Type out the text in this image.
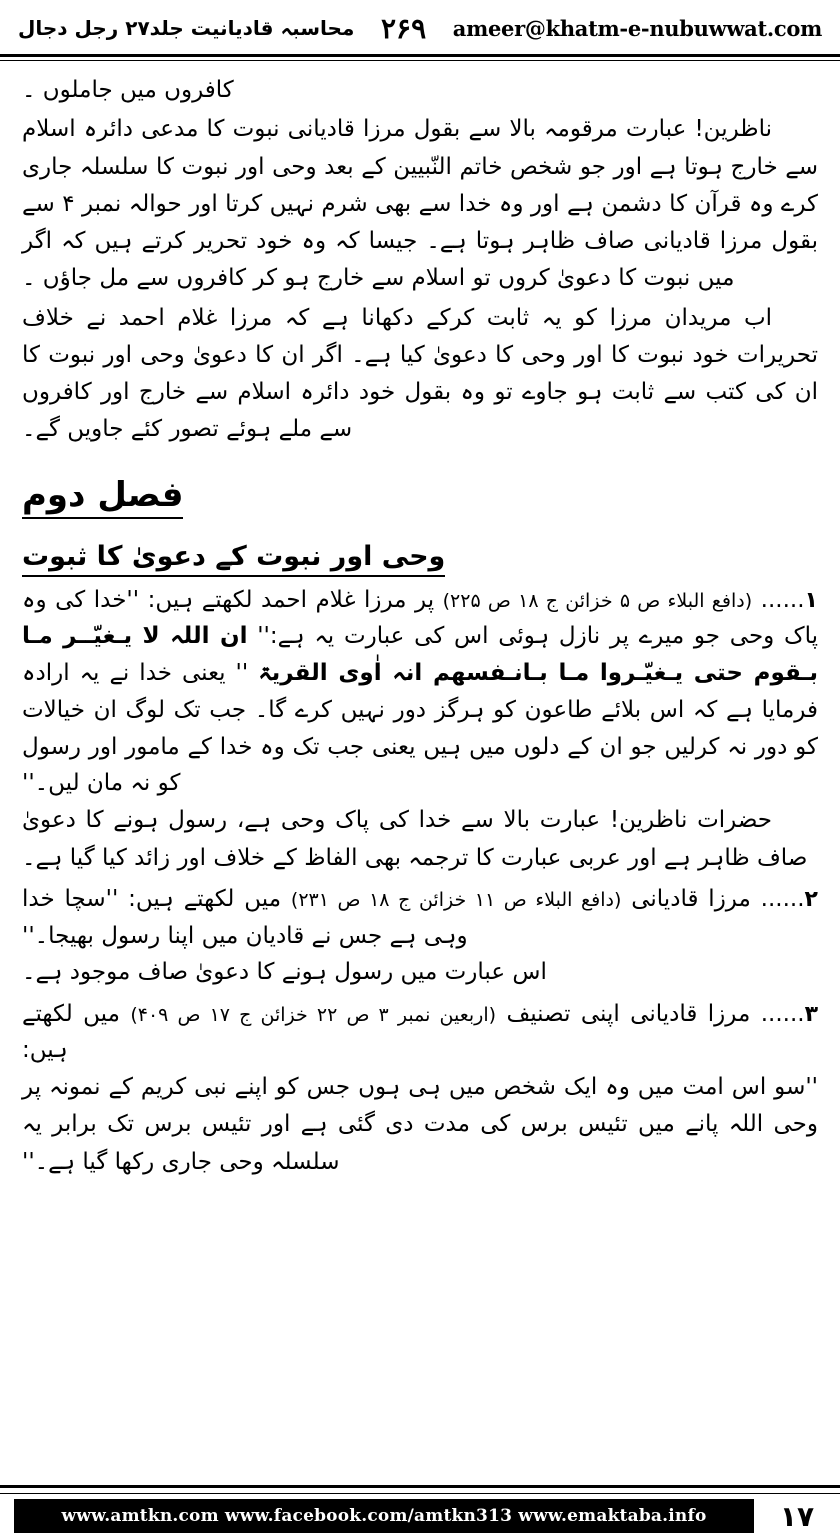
ameer@khatm-e-nubuwwat.com
۲۶۹
محاسبہ قادیانیت جلد۲۷ رجل دجال

کافروں میں جاملوں ۔

ناظرین! عبارت مرقومہ بالا سے بقول مرزا قادیانی نبوت کا مدعی دائرہ اسلام سے خارج ہوتا ہے اور جو شخص خاتم النّبیین کے بعد وحی اور نبوت کا سلسلہ جاری کرے وہ قرآن کا دشمن ہے اور وہ خدا سے بھی شرم نہیں کرتا اور حوالہ نمبر ۴ سے بقول مرزا قادیانی صاف ظاہر ہوتا ہے۔ جیسا کہ وہ خود تحریر کرتے ہیں کہ اگر میں نبوت کا دعویٰ کروں تو اسلام سے خارج ہو کر کافروں سے مل جاؤں ۔

اب مریدان مرزا کو یہ ثابت کرکے دکھانا ہے کہ مرزا غلام احمد نے خلاف تحریرات خود نبوت کا اور وحی کا دعویٰ کیا ہے۔ اگر ان کا دعویٰ وحی اور نبوت کا ان کی کتب سے ثابت ہو جاوے تو وہ بقول خود دائرہ اسلام سے خارج اور کافروں سے ملے ہوئے تصور کئے جاویں گے۔

فصل دوم
وحی اور نبوت کے دعویٰ کا ثبوت

۱...... (دافع البلاء ص ۵ خزائن ج ۱۸ ص ۲۲۵) پر مرزا غلام احمد لکھتے ہیں: ''خدا کی وہ پاک وحی جو میرے پر نازل ہوئی اس کی عبارت یہ ہے:'' ان اللہ لا یـغیّــر مـا بـقوم حتی یـغیّـروا مـا بـانـفسھم انہ اٰوی القریۃ '' یعنی خدا نے یہ ارادہ فرمایا ہے کہ اس بلائے طاعون کو ہرگز دور نہیں کرے گا۔ جب تک لوگ ان خیالات کو دور نہ کرلیں جو ان کے دلوں میں ہیں یعنی جب تک وہ خدا کے مامور اور رسول کو نہ مان لیں۔''

حضرات ناظرین! عبارت بالا سے خدا کی پاک وحی ہے، رسول ہونے کا دعویٰ صاف ظاہر ہے اور عربی عبارت کا ترجمہ بھی الفاظ کے خلاف اور زائد کیا گیا ہے۔

۲...... مرزا قادیانی (دافع البلاء ص ۱۱ خزائن ج ۱۸ ص ۲۳۱) میں لکھتے ہیں: ''سچا خدا وہی ہے جس نے قادیان میں اپنا رسول بھیجا۔''

اس عبارت میں رسول ہونے کا دعویٰ صاف موجود ہے۔

۳...... مرزا قادیانی اپنی تصنیف (اربعین نمبر ۳ ص ۲۲ خزائن ج ۱۷ ص ۴۰۹) میں لکھتے ہیں:

''سو اس امت میں وہ ایک شخص میں ہی ہوں جس کو اپنے نبی کریم کے نمونہ پر وحی اللہ پانے میں تئیس برس کی مدت دی گئی ہے اور تئیس برس تک برابر یہ سلسلہ وحی جاری رکھا گیا ہے۔''

۱۷
www.amtkn.com www.facebook.com/amtkn313 www.emaktaba.info
